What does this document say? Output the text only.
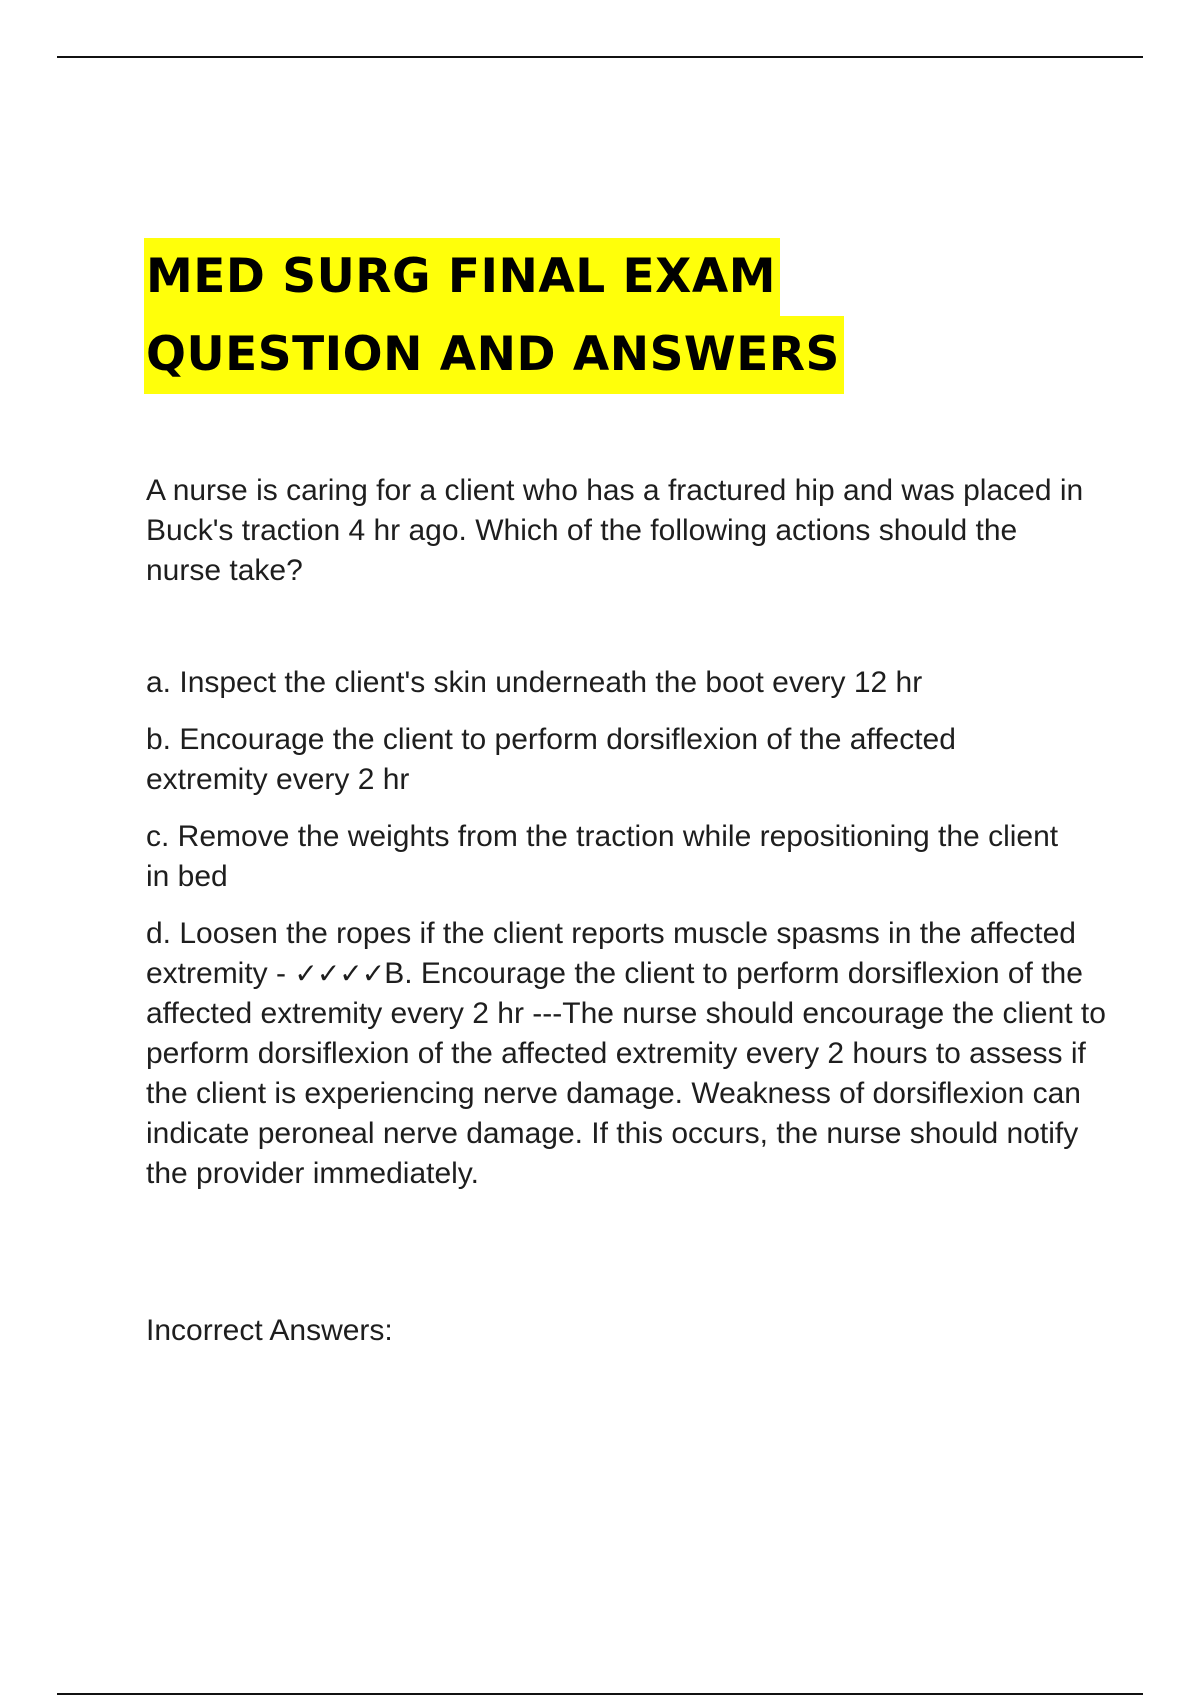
MED SURG FINAL EXAM
QUESTION AND ANSWERS

A nurse is caring for a client who has a fractured hip and was placed in Buck's traction 4 hr ago. Which of the following actions should the nurse take?

a. Inspect the client's skin underneath the boot every 12 hr

b. Encourage the client to perform dorsiflexion of the affected extremity every 2 hr

c. Remove the weights from the traction while repositioning the client in bed

d. Loosen the ropes if the client reports muscle spasms in the affected extremity - ✓✓✓✓B. Encourage the client to perform dorsiflexion of the affected extremity every 2 hr ---The nurse should encourage the client to perform dorsiflexion of the affected extremity every 2 hours to assess if the client is experiencing nerve damage. Weakness of dorsiflexion can indicate peroneal nerve damage. If this occurs, the nurse should notify the provider immediately.

Incorrect Answers:
